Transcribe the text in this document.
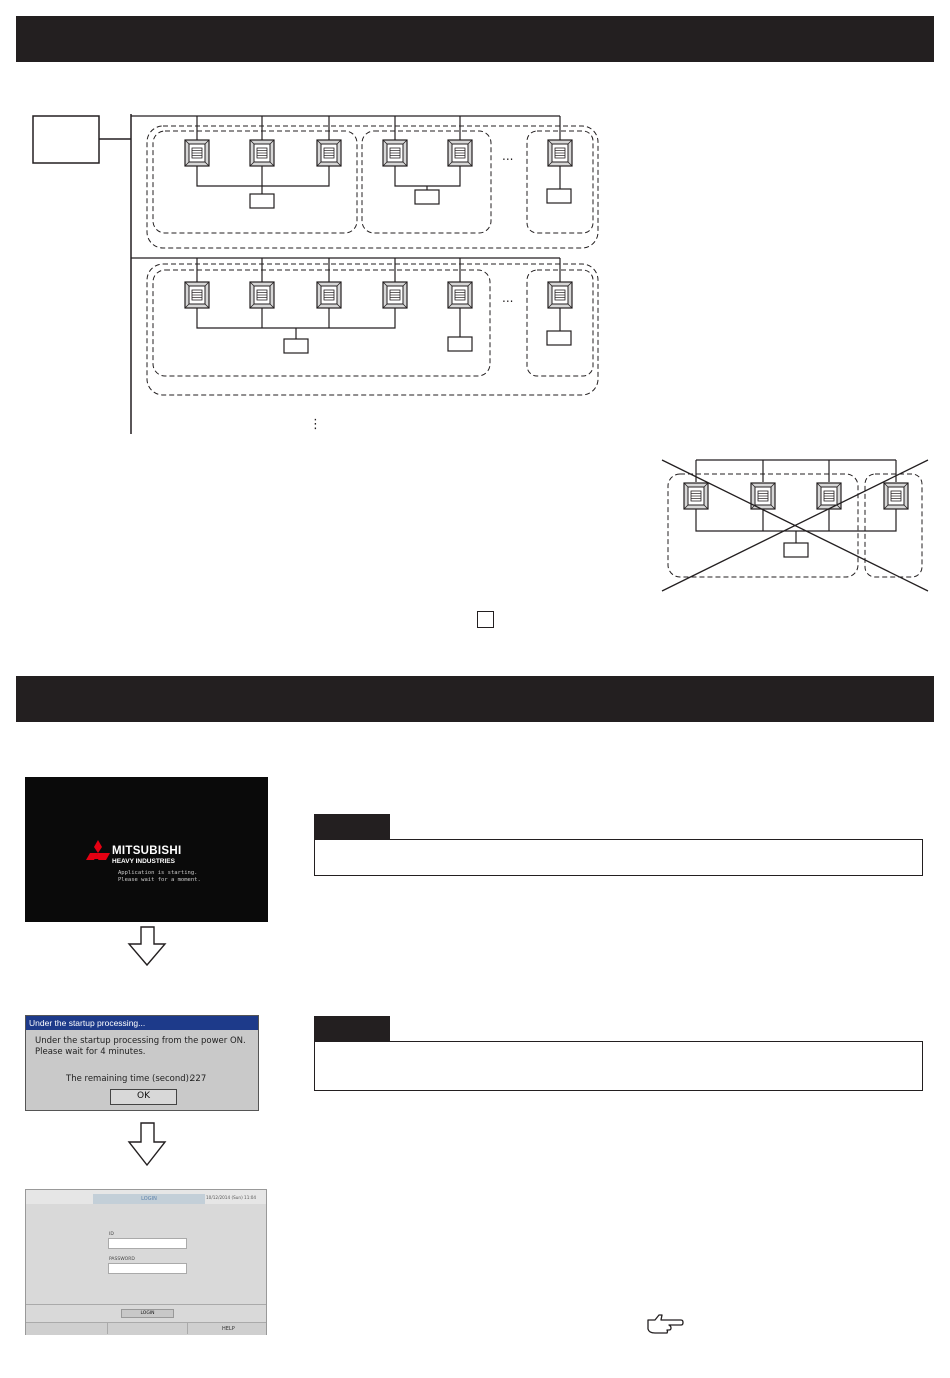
...
...
⋮
MITSUBISHI
HEAVY INDUSTRIES
Application is starting.
Please wait for a moment.
Under the startup processing...
Under the startup processing from the power ON.
Please wait for 4 minutes.
The remaining time (second):
227
OK
LOGIN	10/12/2014 (Sun) 11:04
ID
PASSWORD
LOGIN
HELP
